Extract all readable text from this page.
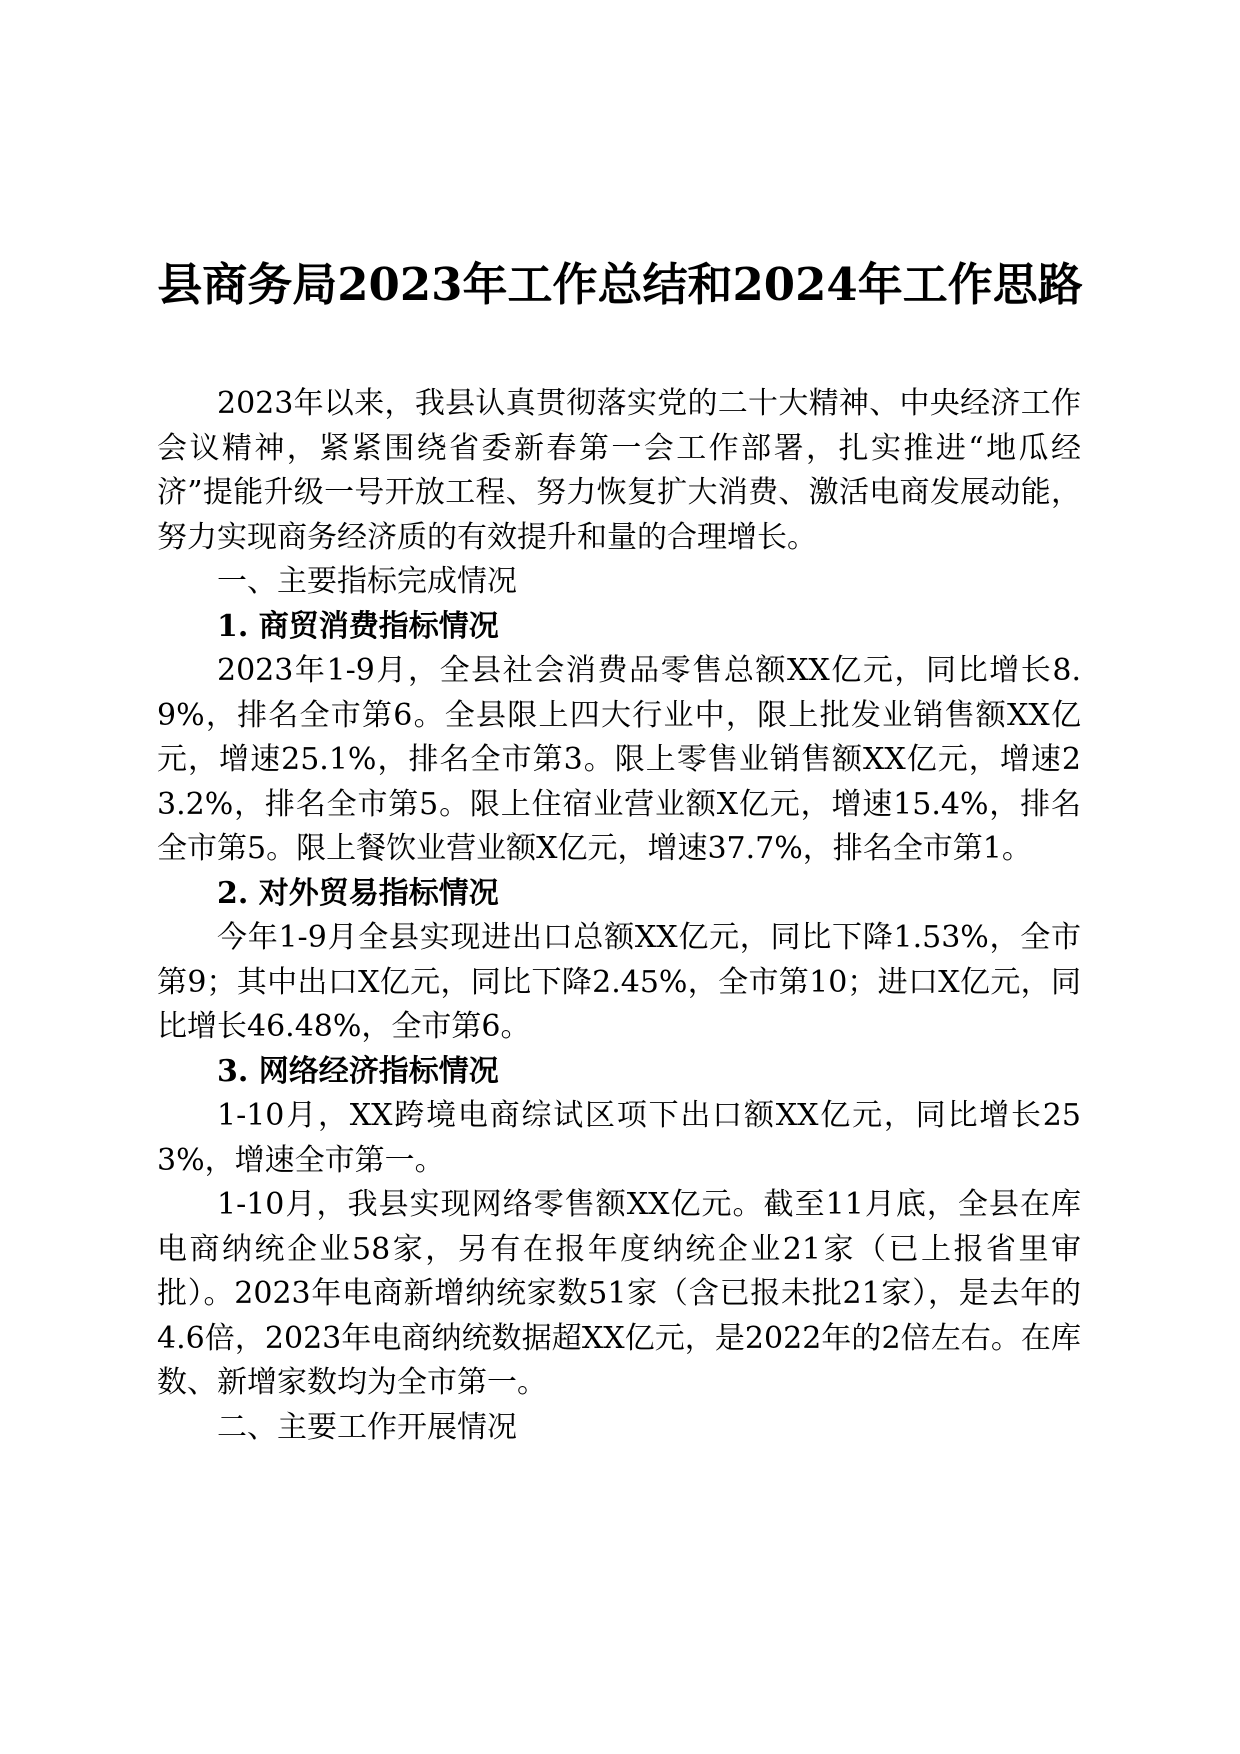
县商务局2023年工作总结和2024年工作思路

2023年以来，我县认真贯彻落实党的二十大精神、中央经济工作会议精神，紧紧围绕省委新春第一会工作部署，扎实推进“地瓜经济”提能升级一号开放工程、努力恢复扩大消费、激活电商发展动能，努力实现商务经济质的有效提升和量的合理增长。

一、主要指标完成情况

1. 商贸消费指标情况

2023年1-9月，全县社会消费品零售总额XX亿元，同比增长8.9%，排名全市第6。全县限上四大行业中，限上批发业销售额XX亿元，增速25.1%，排名全市第3。限上零售业销售额XX亿元，增速23.2%，排名全市第5。限上住宿业营业额X亿元，增速15.4%，排名全市第5。限上餐饮业营业额X亿元，增速37.7%，排名全市第1。

2. 对外贸易指标情况

今年1-9月全县实现进出口总额XX亿元，同比下降1.53%，全市第9；其中出口X亿元，同比下降2.45%，全市第10；进口X亿元，同比增长46.48%，全市第6。

3. 网络经济指标情况

1-10月，XX跨境电商综试区项下出口额XX亿元，同比增长253%，增速全市第一。

1-10月，我县实现网络零售额XX亿元。截至11月底，全县在库电商纳统企业58家，另有在报年度纳统企业21家（已上报省里审批）。2023年电商新增纳统家数51家（含已报未批21家），是去年的4.6倍，2023年电商纳统数据超XX亿元，是2022年的2倍左右。在库数、新增家数均为全市第一。

二、主要工作开展情况
